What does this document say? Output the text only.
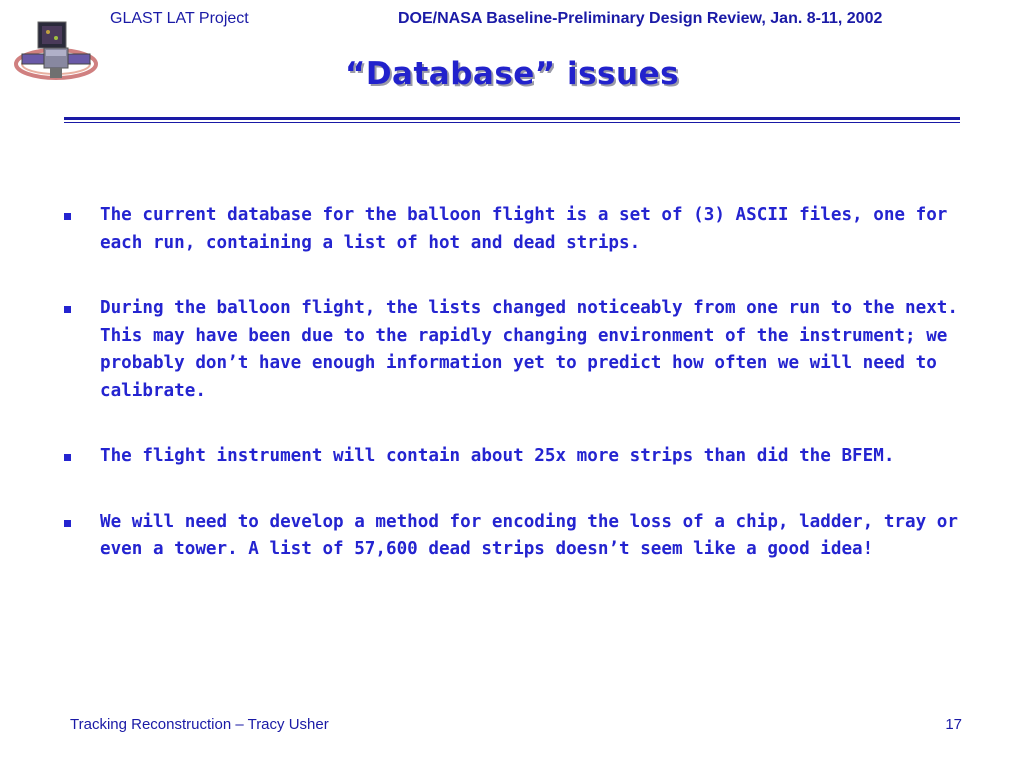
GLAST LAT Project	DOE/NASA Baseline-Preliminary Design Review, Jan. 8-11, 2002
“Database” issues
The current database for the balloon flight is a set of (3) ASCII files, one for each run, containing a list of hot and dead strips.
During the balloon flight, the lists changed noticeably from one run to the next. This may have been due to the rapidly changing environment of the instrument; we probably don’t have enough information yet to predict how often we will need to calibrate.
The flight instrument will contain about 25x more strips than did the BFEM.
We will need to develop a method for encoding the loss of a chip, ladder, tray or even a tower. A list of 57,600 dead strips doesn’t seem like a good idea!
Tracking Reconstruction – Tracy Usher	17
